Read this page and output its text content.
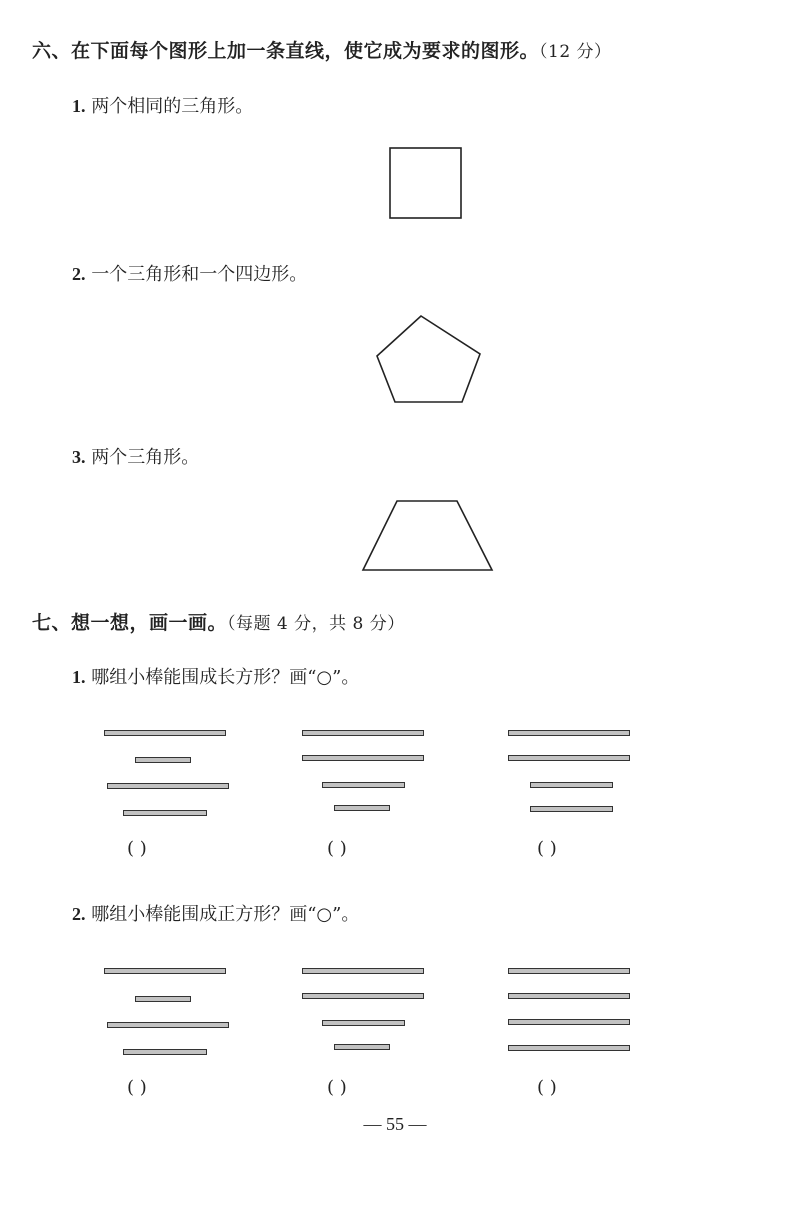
六、在下面每个图形上加一条直线，使它成为要求的图形。（12 分）
1. 两个相同的三角形。
2. 一个三角形和一个四边形。
3. 两个三角形。
七、想一想，画一画。（每题 4 分，共 8 分）
1. 哪组小棒能围成长方形？画“○”。
( )	( )	( )
2. 哪组小棒能围成正方形？画“○”。
( )	( )	( )
— 55 —
